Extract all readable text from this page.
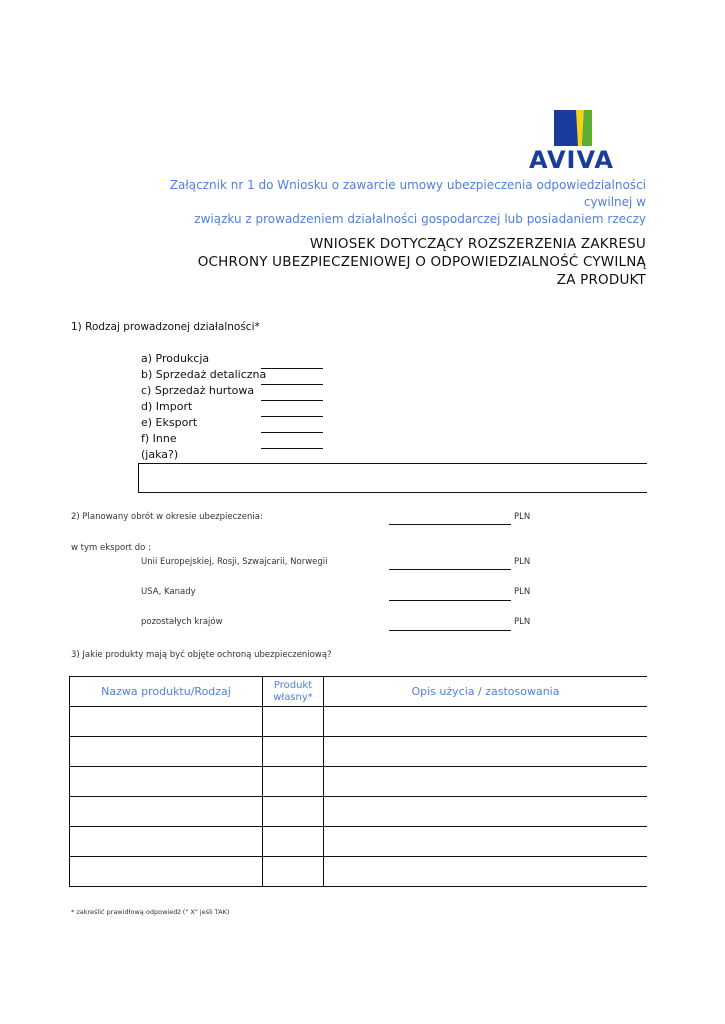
AVIVA
Załącznik nr 1 do Wniosku o zawarcie umowy ubezpieczenia odpowiedzialności cywilnej w
związku z prowadzeniem działalności gospodarczej lub posiadaniem rzeczy
WNIOSEK DOTYCZĄCY ROZSZERZENIA ZAKRESU
OCHRONY UBEZPIECZENIOWEJ O ODPOWIEDZIALNOŚĆ CYWILNĄ
ZA PRODUKT
1) Rodzaj prowadzonej działalności*
a) Produkcja
b) Sprzedaż detaliczna
c) Sprzedaż hurtowa
d) Import
e) Eksport
f) Inne
(jaka?)
2) Planowany obrót w okresie ubezpieczenia:	PLN
w tym eksport do :
Unii Europejskiej, Rosji, Szwajcarii, Norwegii	PLN
USA, Kanady	PLN
pozostałych krajów	PLN
3) Jakie produkty mają być objęte ochroną ubezpieczeniową?
Nazwa produktu/Rodzaj	Produkt własny*	Opis użycia / zastosowania

* zakreślić prawidłową odpowiedź (" X" jeśli TAK)
